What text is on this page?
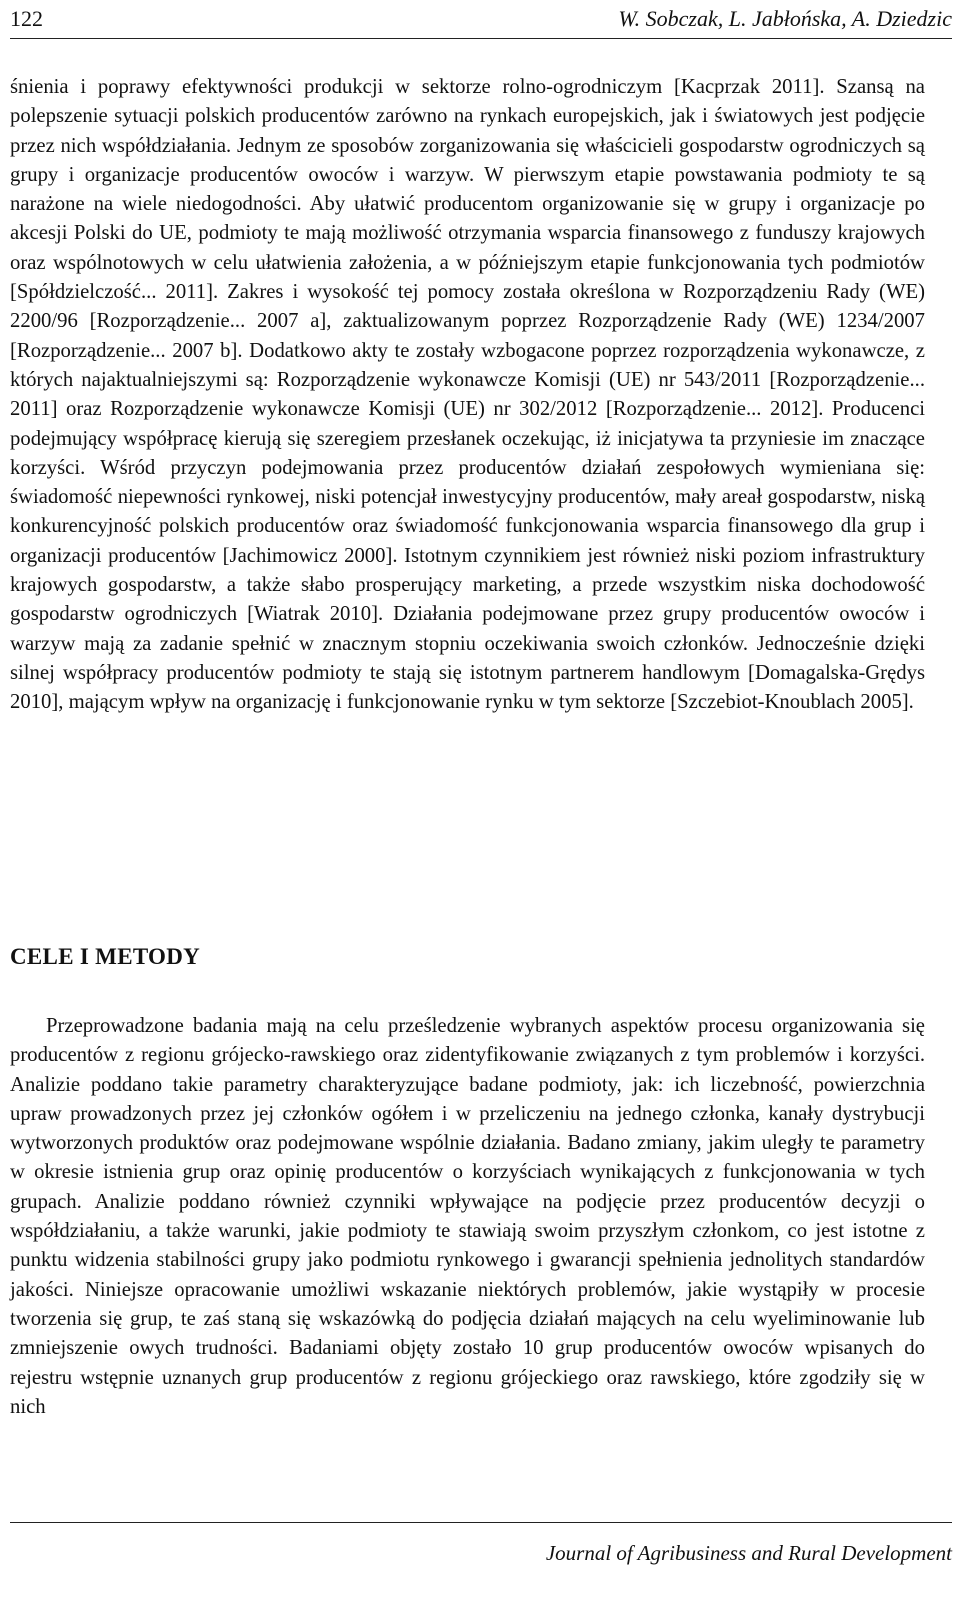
122	W. Sobczak, L. Jabłońska, A. Dziedzic

śnienia i poprawy efektywności produkcji w sektorze rolno-ogrodniczym [Kacprzak 2011]. Szansą na polepszenie sytuacji polskich producentów zarówno na rynkach europejskich, jak i światowych jest podjęcie przez nich współdziałania. Jednym ze sposobów zorganizowania się właścicieli gospodarstw ogrodniczych są grupy i organizacje producentów owoców i warzyw. W pierwszym etapie powstawania podmioty te są narażone na wiele niedogodności. Aby ułatwić producentom organizowanie się w grupy i organizacje po akcesji Polski do UE, podmioty te mają możliwość otrzymania wsparcia finansowego z funduszy krajowych oraz wspólnotowych w celu ułatwienia założenia, a w późniejszym etapie funkcjonowania tych podmiotów [Spółdzielczość... 2011]. Zakres i wysokość tej pomocy została określona w Rozporządzeniu Rady (WE) 2200/96 [Rozporządzenie... 2007 a], zaktualizowanym poprzez Rozporządzenie Rady (WE) 1234/2007 [Rozporządzenie... 2007 b]. Dodatkowo akty te zostały wzbogacone poprzez rozporządzenia wykonawcze, z których najaktualniejszymi są: Rozporządzenie wykonawcze Komisji (UE) nr 543/2011 [Rozporządzenie... 2011] oraz Rozporządzenie wykonawcze Komisji (UE) nr 302/2012 [Rozporządzenie... 2012]. Producenci podejmujący współpracę kierują się szeregiem przesłanek oczekując, iż inicjatywa ta przyniesie im znaczące korzyści. Wśród przyczyn podejmowania przez producentów działań zespołowych wymieniana się: świadomość niepewności rynkowej, niski potencjał inwestycyjny producentów, mały areał gospodarstw, niską konkurencyjność polskich producentów oraz świadomość funkcjonowania wsparcia finansowego dla grup i organizacji producentów [Jachimowicz 2000]. Istotnym czynnikiem jest również niski poziom infrastruktury krajowych gospodarstw, a także słabo prosperujący marketing, a przede wszystkim niska dochodowość gospodarstw ogrodniczych [Wiatrak 2010]. Działania podejmowane przez grupy producentów owoców i warzyw mają za zadanie spełnić w znacznym stopniu oczekiwania swoich członków. Jednocześnie dzięki silnej współpracy producentów podmioty te stają się istotnym partnerem handlowym [Domagalska-Grędys 2010], mającym wpływ na organizację i funkcjonowanie rynku w tym sektorze [Szczebiot-Knoublach 2005].

CELE I METODY

Przeprowadzone badania mają na celu prześledzenie wybranych aspektów procesu organizowania się producentów z regionu grójecko-rawskiego oraz zidentyfikowanie związanych z tym problemów i korzyści. Analizie poddano takie parametry charakteryzujące badane podmioty, jak: ich liczebność, powierzchnia upraw prowadzonych przez jej członków ogółem i w przeliczeniu na jednego członka, kanały dystrybucji wytworzonych produktów oraz podejmowane wspólnie działania. Badano zmiany, jakim uległy te parametry w okresie istnienia grup oraz opinię producentów o korzyściach wynikających z funkcjonowania w tych grupach. Analizie poddano również czynniki wpływające na podjęcie przez producentów decyzji o współdziałaniu, a także warunki, jakie podmioty te stawiają swoim przyszłym członkom, co jest istotne z punktu widzenia stabilności grupy jako podmiotu rynkowego i gwarancji spełnienia jednolitych standardów jakości. Niniejsze opracowanie umożliwi wskazanie niektórych problemów, jakie wystąpiły w procesie tworzenia się grup, te zaś staną się wskazówką do podjęcia działań mających na celu wyeliminowanie lub zmniejszenie owych trudności. Badaniami objęty zostało 10 grup producentów owoców wpisanych do rejestru wstępnie uznanych grup producentów z regionu grójeckiego oraz rawskiego, które zgodziły się w nich

Journal of Agribusiness and Rural Development
